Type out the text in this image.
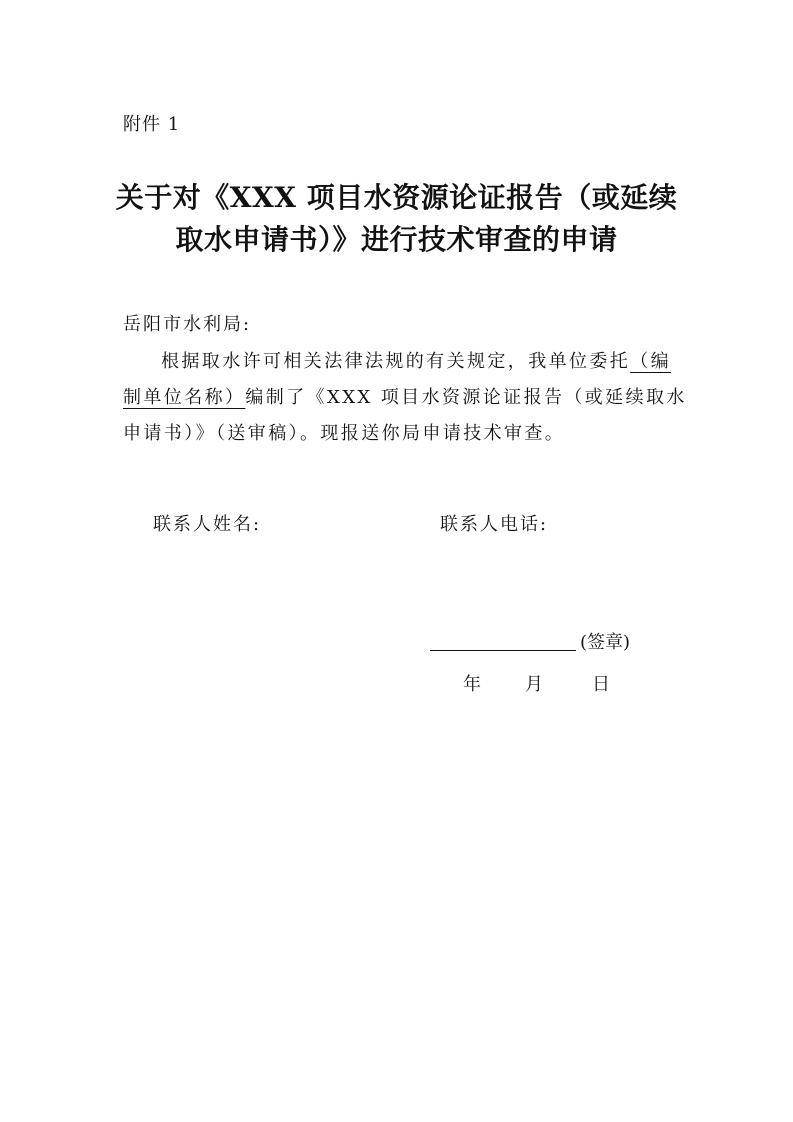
附件 1
关于对《XXX 项目水资源论证报告（或延续
取水申请书）》进行技术审查的申请
岳阳市水利局:
根据取水许可相关法律法规的有关规定，我单位委托（编
制单位名称）编制了《XXX 项目水资源论证报告（或延续取水
申请书）》（送审稿）。现报送你局申请技术审查。
联系人姓名:	联系人电话:
(签章)
年 月	日
